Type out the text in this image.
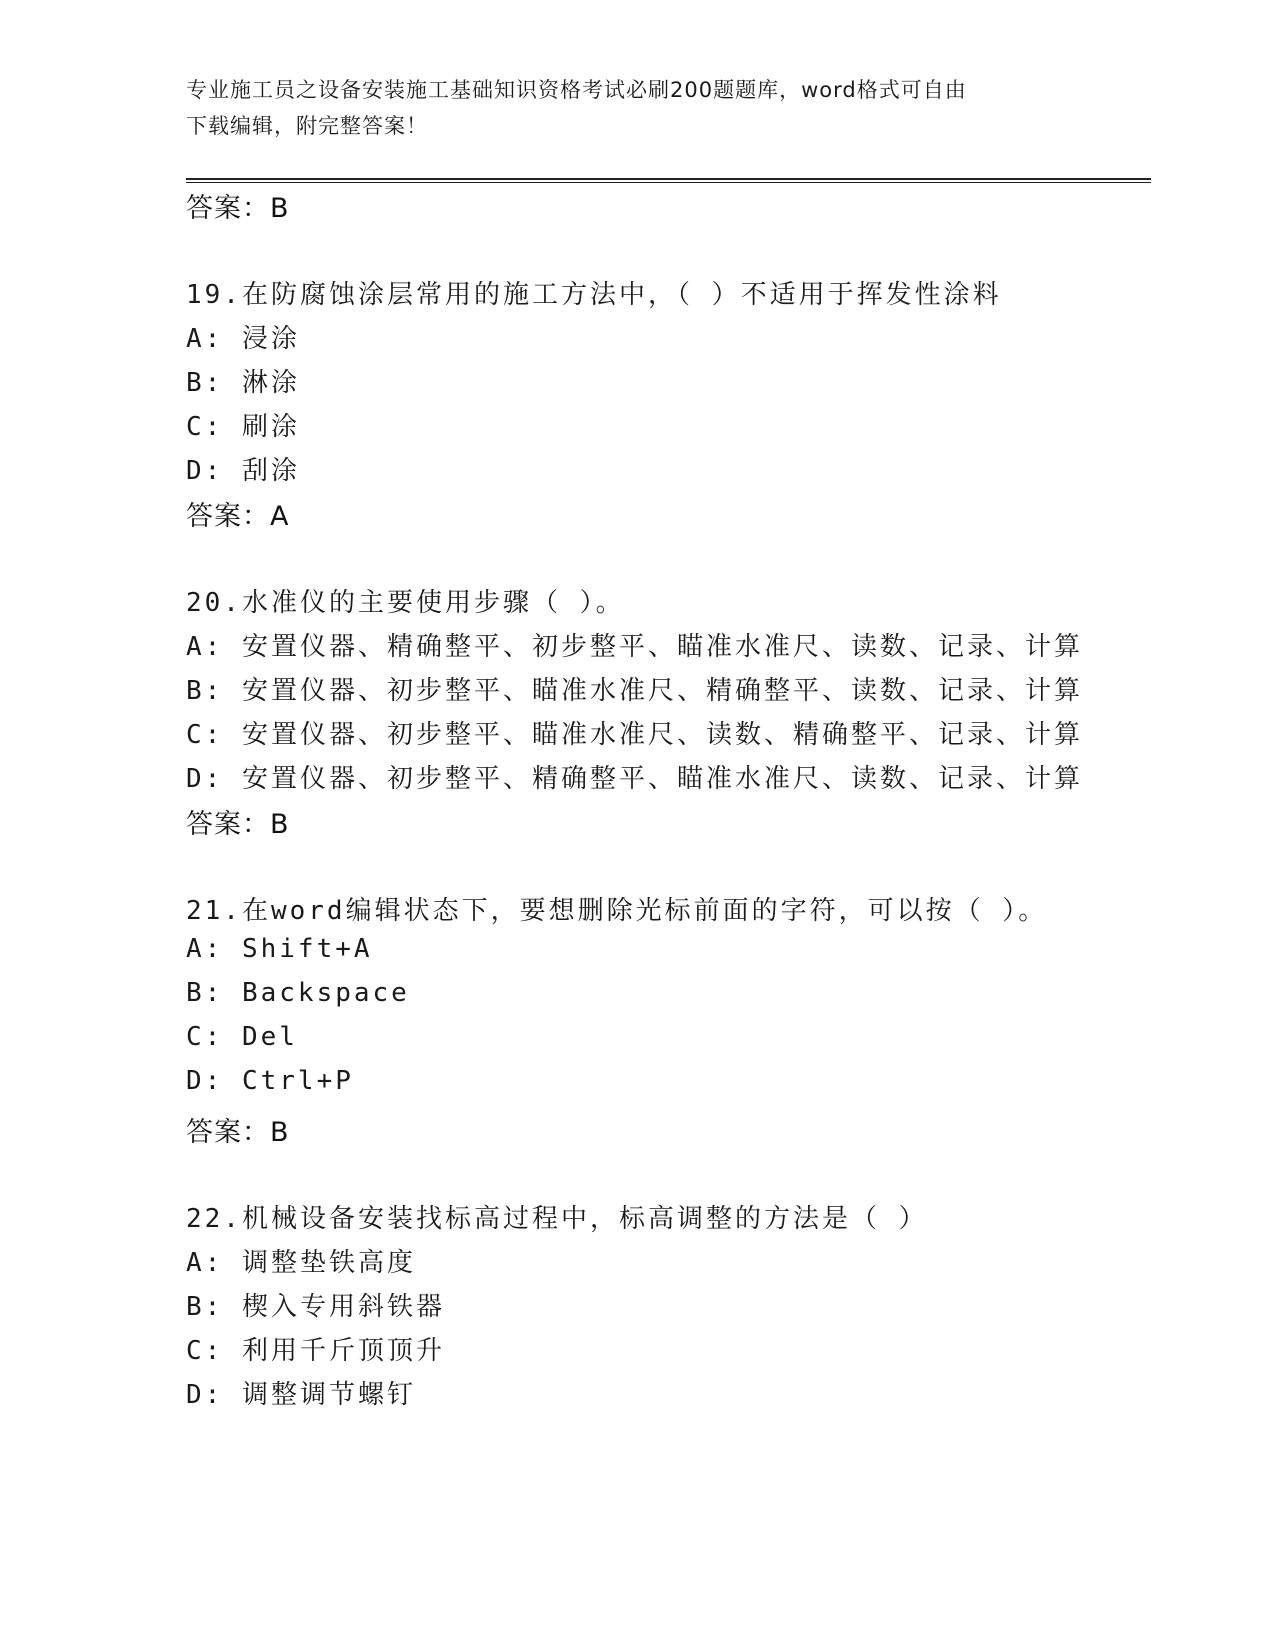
专业施工员之设备安装施工基础知识资格考试必刷200题题库，word格式可自由
下载编辑，附完整答案！
答案：B
19.在防腐蚀涂层常用的施工方法中，（ ）不适用于挥发性涂料
A: 浸涂
B: 淋涂
C: 刷涂
D: 刮涂
答案：A
20.水准仪的主要使用步骤（ ）。
A: 安置仪器、精确整平、初步整平、瞄准水准尺、读数、记录、计算
B: 安置仪器、初步整平、瞄准水准尺、精确整平、读数、记录、计算
C: 安置仪器、初步整平、瞄准水准尺、读数、精确整平、记录、计算
D: 安置仪器、初步整平、精确整平、瞄准水准尺、读数、记录、计算
答案：B
21.在word编辑状态下，要想删除光标前面的字符，可以按（ ）。
A: Shift+A
B: Backspace
C: Del
D: Ctrl+P
答案：B
22.机械设备安装找标高过程中，标高调整的方法是（ ）
A: 调整垫铁高度
B: 楔入专用斜铁器
C: 利用千斤顶顶升
D: 调整调节螺钉
